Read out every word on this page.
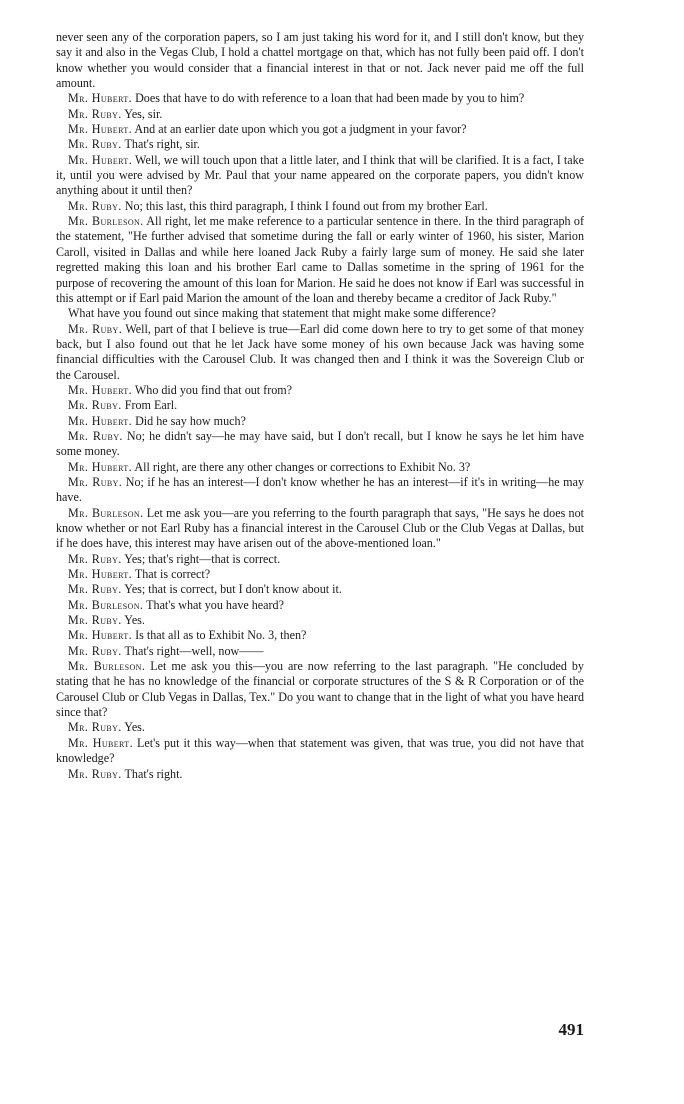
never seen any of the corporation papers, so I am just taking his word for it, and I still don't know, but they say it and also in the Vegas Club, I hold a chattel mortgage on that, which has not fully been paid off. I don't know whether you would consider that a financial interest in that or not. Jack never paid me off the full amount.

Mr. Hubert. Does that have to do with reference to a loan that had been made by you to him?

Mr. Ruby. Yes, sir.

Mr. Hubert. And at an earlier date upon which you got a judgment in your favor?

Mr. Ruby. That's right, sir.

Mr. Hubert. Well, we will touch upon that a little later, and I think that will be clarified. It is a fact, I take it, until you were advised by Mr. Paul that your name appeared on the corporate papers, you didn't know anything about it until then?

Mr. Ruby. No; this last, this third paragraph, I think I found out from my brother Earl.

Mr. Burleson. All right, let me make reference to a particular sentence in there. In the third paragraph of the statement, "He further advised that sometime during the fall or early winter of 1960, his sister, Marion Caroll, visited in Dallas and while here loaned Jack Ruby a fairly large sum of money. He said she later regretted making this loan and his brother Earl came to Dallas sometime in the spring of 1961 for the purpose of recovering the amount of this loan for Marion. He said he does not know if Earl was successful in this attempt or if Earl paid Marion the amount of the loan and thereby became a creditor of Jack Ruby."

What have you found out since making that statement that might make some difference?

Mr. Ruby. Well, part of that I believe is true—Earl did come down here to try to get some of that money back, but I also found out that he let Jack have some money of his own because Jack was having some financial difficulties with the Carousel Club. It was changed then and I think it was the Sovereign Club or the Carousel.

Mr. Hubert. Who did you find that out from?

Mr. Ruby. From Earl.

Mr. Hubert. Did he say how much?

Mr. Ruby. No; he didn't say—he may have said, but I don't recall, but I know he says he let him have some money.

Mr. Hubert. All right, are there any other changes or corrections to Exhibit No. 3?

Mr. Ruby. No; if he has an interest—I don't know whether he has an interest—if it's in writing—he may have.

Mr. Burleson. Let me ask you—are you referring to the fourth paragraph that says, "He says he does not know whether or not Earl Ruby has a financial interest in the Carousel Club or the Club Vegas at Dallas, but if he does have, this interest may have arisen out of the above-mentioned loan."

Mr. Ruby. Yes; that's right—that is correct.

Mr. Hubert. That is correct?

Mr. Ruby. Yes; that is correct, but I don't know about it.

Mr. Burleson. That's what you have heard?

Mr. Ruby. Yes.

Mr. Hubert. Is that all as to Exhibit No. 3, then?

Mr. Ruby. That's right—well, now——

Mr. Burleson. Let me ask you this—you are now referring to the last paragraph. "He concluded by stating that he has no knowledge of the financial or corporate structures of the S & R Corporation or of the Carousel Club or Club Vegas in Dallas, Tex." Do you want to change that in the light of what you have heard since that?

Mr. Ruby. Yes.

Mr. Hubert. Let's put it this way—when that statement was given, that was true, you did not have that knowledge?

Mr. Ruby. That's right.

491
